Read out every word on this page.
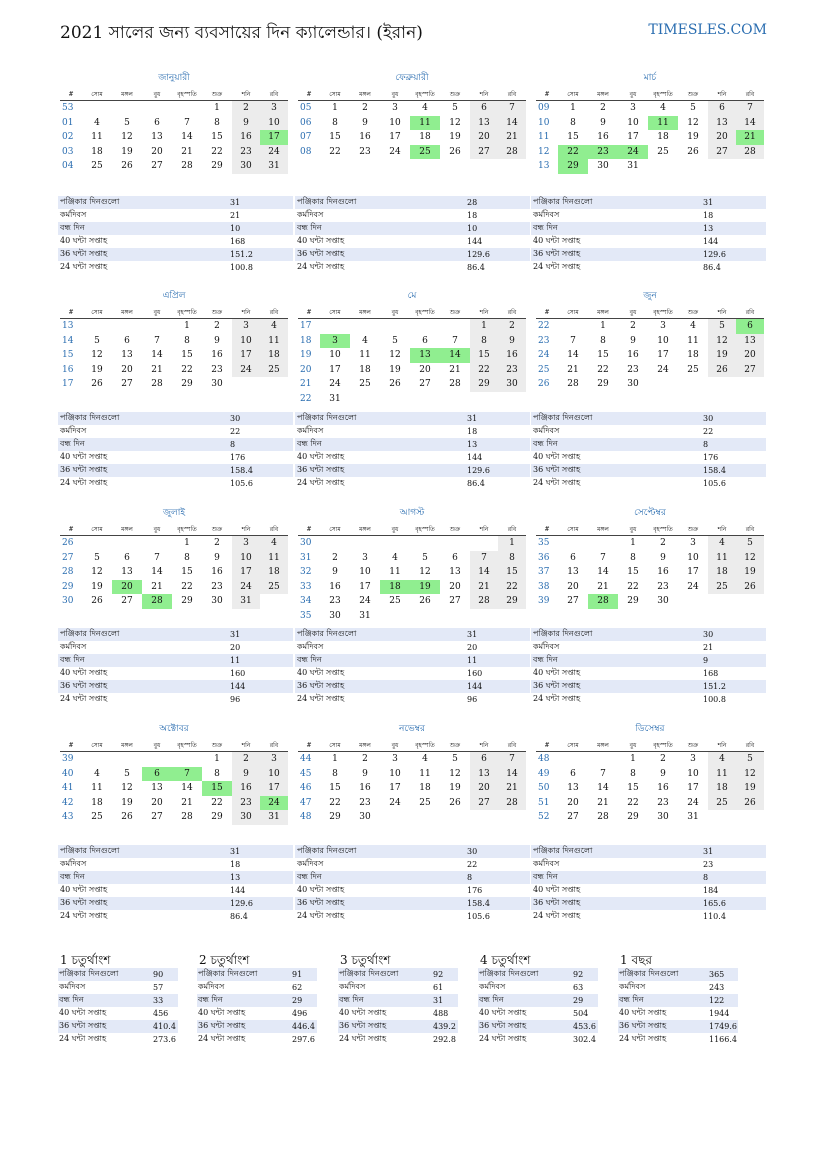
2021 সালের জন্য ব্যবসায়ের দিন ক্যালেন্ডার। (ইরান)	TIMESLES.COM
জানুয়ারী
#	সোম	মঙ্গল	বুধ	বৃহস্পতি	শুক্র	শনি	রবি
53					1	2	3
01	4	5	6	7	8	9	10
02	11	12	13	14	15	16	17
03	18	19	20	21	22	23	24
04	25	26	27	28	29	30	31
পঞ্জিকার দিনগুলো	31
কর্মদিবস	21
বন্ধ দিন	10
40 ঘন্টা সপ্তাহ	168
36 ঘন্টা সপ্তাহ	151.2
24 ঘন্টা সপ্তাহ	100.8
ফেব্রুয়ারী
#	সোম	মঙ্গল	বুধ	বৃহস্পতি	শুক্র	শনি	রবি
05	1	2	3	4	5	6	7
06	8	9	10	11	12	13	14
07	15	16	17	18	19	20	21
08	22	23	24	25	26	27	28
পঞ্জিকার দিনগুলো	28
কর্মদিবস	18
বন্ধ দিন	10
40 ঘন্টা সপ্তাহ	144
36 ঘন্টা সপ্তাহ	129.6
24 ঘন্টা সপ্তাহ	86.4
মার্চ
#	সোম	মঙ্গল	বুধ	বৃহস্পতি	শুক্র	শনি	রবি
09	1	2	3	4	5	6	7
10	8	9	10	11	12	13	14
11	15	16	17	18	19	20	21
12	22	23	24	25	26	27	28
13	29	30	31				
পঞ্জিকার দিনগুলো	31
কর্মদিবস	18
বন্ধ দিন	13
40 ঘন্টা সপ্তাহ	144
36 ঘন্টা সপ্তাহ	129.6
24 ঘন্টা সপ্তাহ	86.4
এপ্রিল
#	সোম	মঙ্গল	বুধ	বৃহস্পতি	শুক্র	শনি	রবি
13				1	2	3	4
14	5	6	7	8	9	10	11
15	12	13	14	15	16	17	18
16	19	20	21	22	23	24	25
17	26	27	28	29	30		
পঞ্জিকার দিনগুলো	30
কর্মদিবস	22
বন্ধ দিন	8
40 ঘন্টা সপ্তাহ	176
36 ঘন্টা সপ্তাহ	158.4
24 ঘন্টা সপ্তাহ	105.6
মে
#	সোম	মঙ্গল	বুধ	বৃহস্পতি	শুক্র	শনি	রবি
17						1	2
18	3	4	5	6	7	8	9
19	10	11	12	13	14	15	16
20	17	18	19	20	21	22	23
21	24	25	26	27	28	29	30
22	31						
পঞ্জিকার দিনগুলো	31
কর্মদিবস	18
বন্ধ দিন	13
40 ঘন্টা সপ্তাহ	144
36 ঘন্টা সপ্তাহ	129.6
24 ঘন্টা সপ্তাহ	86.4
জুন
#	সোম	মঙ্গল	বুধ	বৃহস্পতি	শুক্র	শনি	রবি
22		1	2	3	4	5	6
23	7	8	9	10	11	12	13
24	14	15	16	17	18	19	20
25	21	22	23	24	25	26	27
26	28	29	30				
পঞ্জিকার দিনগুলো	30
কর্মদিবস	22
বন্ধ দিন	8
40 ঘন্টা সপ্তাহ	176
36 ঘন্টা সপ্তাহ	158.4
24 ঘন্টা সপ্তাহ	105.6
জুলাই
#	সোম	মঙ্গল	বুধ	বৃহস্পতি	শুক্র	শনি	রবি
26				1	2	3	4
27	5	6	7	8	9	10	11
28	12	13	14	15	16	17	18
29	19	20	21	22	23	24	25
30	26	27	28	29	30	31	
পঞ্জিকার দিনগুলো	31
কর্মদিবস	20
বন্ধ দিন	11
40 ঘন্টা সপ্তাহ	160
36 ঘন্টা সপ্তাহ	144
24 ঘন্টা সপ্তাহ	96
আগস্ট
#	সোম	মঙ্গল	বুধ	বৃহস্পতি	শুক্র	শনি	রবি
30							1
31	2	3	4	5	6	7	8
32	9	10	11	12	13	14	15
33	16	17	18	19	20	21	22
34	23	24	25	26	27	28	29
35	30	31					
পঞ্জিকার দিনগুলো	31
কর্মদিবস	20
বন্ধ দিন	11
40 ঘন্টা সপ্তাহ	160
36 ঘন্টা সপ্তাহ	144
24 ঘন্টা সপ্তাহ	96
সেপ্টেম্বর
#	সোম	মঙ্গল	বুধ	বৃহস্পতি	শুক্র	শনি	রবি
35			1	2	3	4	5
36	6	7	8	9	10	11	12
37	13	14	15	16	17	18	19
38	20	21	22	23	24	25	26
39	27	28	29	30			
পঞ্জিকার দিনগুলো	30
কর্মদিবস	21
বন্ধ দিন	9
40 ঘন্টা সপ্তাহ	168
36 ঘন্টা সপ্তাহ	151.2
24 ঘন্টা সপ্তাহ	100.8
অক্টোবর
#	সোম	মঙ্গল	বুধ	বৃহস্পতি	শুক্র	শনি	রবি
39					1	2	3
40	4	5	6	7	8	9	10
41	11	12	13	14	15	16	17
42	18	19	20	21	22	23	24
43	25	26	27	28	29	30	31
পঞ্জিকার দিনগুলো	31
কর্মদিবস	18
বন্ধ দিন	13
40 ঘন্টা সপ্তাহ	144
36 ঘন্টা সপ্তাহ	129.6
24 ঘন্টা সপ্তাহ	86.4
নভেম্বর
#	সোম	মঙ্গল	বুধ	বৃহস্পতি	শুক্র	শনি	রবি
44	1	2	3	4	5	6	7
45	8	9	10	11	12	13	14
46	15	16	17	18	19	20	21
47	22	23	24	25	26	27	28
48	29	30					
পঞ্জিকার দিনগুলো	30
কর্মদিবস	22
বন্ধ দিন	8
40 ঘন্টা সপ্তাহ	176
36 ঘন্টা সপ্তাহ	158.4
24 ঘন্টা সপ্তাহ	105.6
ডিসেম্বর
#	সোম	মঙ্গল	বুধ	বৃহস্পতি	শুক্র	শনি	রবি
48			1	2	3	4	5
49	6	7	8	9	10	11	12
50	13	14	15	16	17	18	19
51	20	21	22	23	24	25	26
52	27	28	29	30	31		
পঞ্জিকার দিনগুলো	31
কর্মদিবস	23
বন্ধ দিন	8
40 ঘন্টা সপ্তাহ	184
36 ঘন্টা সপ্তাহ	165.6
24 ঘন্টা সপ্তাহ	110.4
1 চতুর্থাংশ
পঞ্জিকার দিনগুলো	90
কর্মদিবস	57
বন্ধ দিন	33
40 ঘন্টা সপ্তাহ	456
36 ঘন্টা সপ্তাহ	410.4
24 ঘন্টা সপ্তাহ	273.6
2 চতুর্থাংশ
পঞ্জিকার দিনগুলো	91
কর্মদিবস	62
বন্ধ দিন	29
40 ঘন্টা সপ্তাহ	496
36 ঘন্টা সপ্তাহ	446.4
24 ঘন্টা সপ্তাহ	297.6
3 চতুর্থাংশ
পঞ্জিকার দিনগুলো	92
কর্মদিবস	61
বন্ধ দিন	31
40 ঘন্টা সপ্তাহ	488
36 ঘন্টা সপ্তাহ	439.2
24 ঘন্টা সপ্তাহ	292.8
4 চতুর্থাংশ
পঞ্জিকার দিনগুলো	92
কর্মদিবস	63
বন্ধ দিন	29
40 ঘন্টা সপ্তাহ	504
36 ঘন্টা সপ্তাহ	453.6
24 ঘন্টা সপ্তাহ	302.4
1 বছর
পঞ্জিকার দিনগুলো	365
কর্মদিবস	243
বন্ধ দিন	122
40 ঘন্টা সপ্তাহ	1944
36 ঘন্টা সপ্তাহ	1749.6
24 ঘন্টা সপ্তাহ	1166.4
